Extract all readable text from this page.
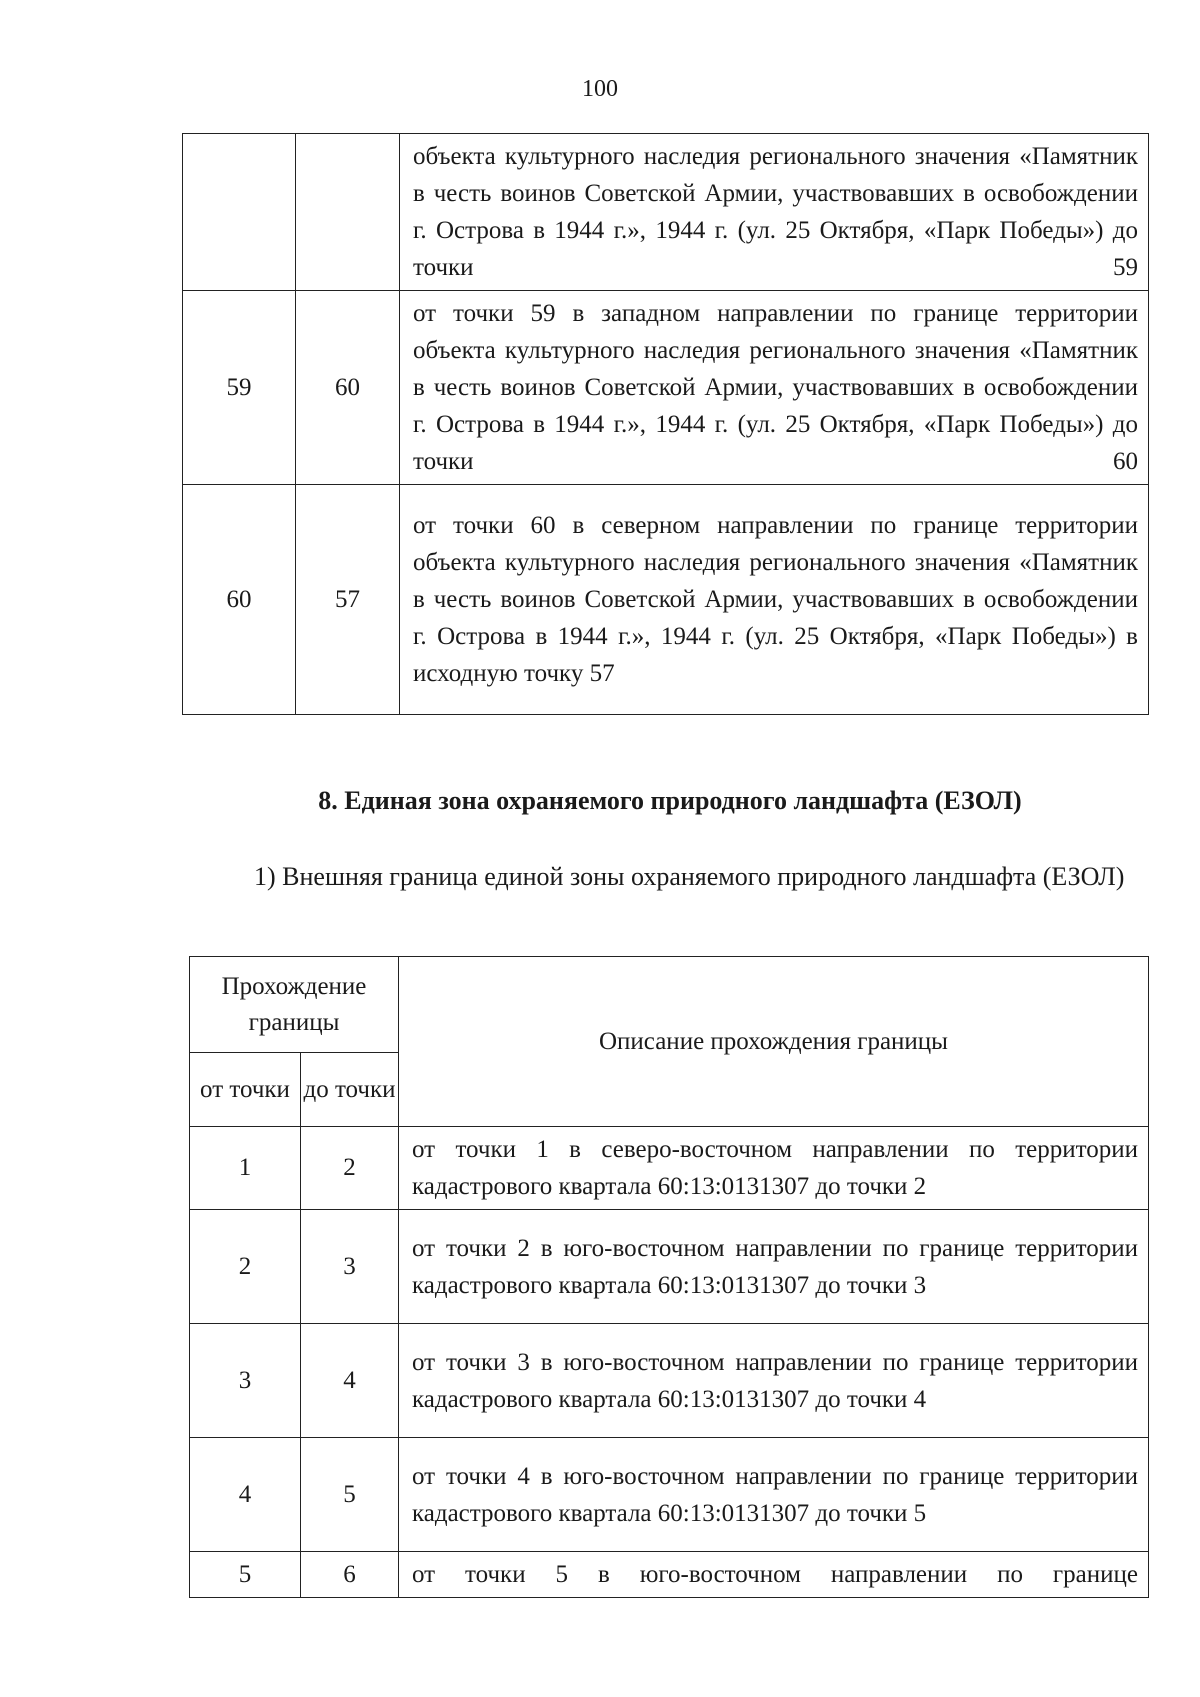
100
		объекта культурного наследия регионального значения «Памятник в честь воинов Советской Армии, участвовавших в освобождении г. Острова в 1944 г.», 1944 г. (ул. 25 Октября, «Парк Победы») до точки 59
59	60	от точки 59 в западном направлении по границе территории объекта культурного наследия регионального значения «Памятник в честь воинов Советской Армии, участвовавших в освобождении г. Острова в 1944 г.», 1944 г. (ул. 25 Октября, «Парк Победы») до точки 60
60	57	от точки 60 в северном направлении по границе территории объекта культурного наследия регионального значения «Памятник в честь воинов Советской Армии, участвовавших в освобождении г. Острова в 1944 г.», 1944 г. (ул. 25 Октября, «Парк Победы») в исходную точку 57
8. Единая зона охраняемого природного ландшафта (ЕЗОЛ)
1) Внешняя граница единой зоны охраняемого природного ландшафта (ЕЗОЛ)
Прохождение границы		Описание прохождения границы
от точки	до точки	
1	2	от точки 1 в северо-восточном направлении по территории кадастрового квартала 60:13:0131307 до точки 2
2	3	от точки 2 в юго-восточном направлении по границе территории кадастрового квартала 60:13:0131307 до точки 3
3	4	от точки 3 в юго-восточном направлении по границе территории кадастрового квартала 60:13:0131307 до точки 4
4	5	от точки 4 в юго-восточном направлении по границе территории кадастрового квартала 60:13:0131307 до точки 5
5	6	от точки 5 в юго-восточном направлении по границе
